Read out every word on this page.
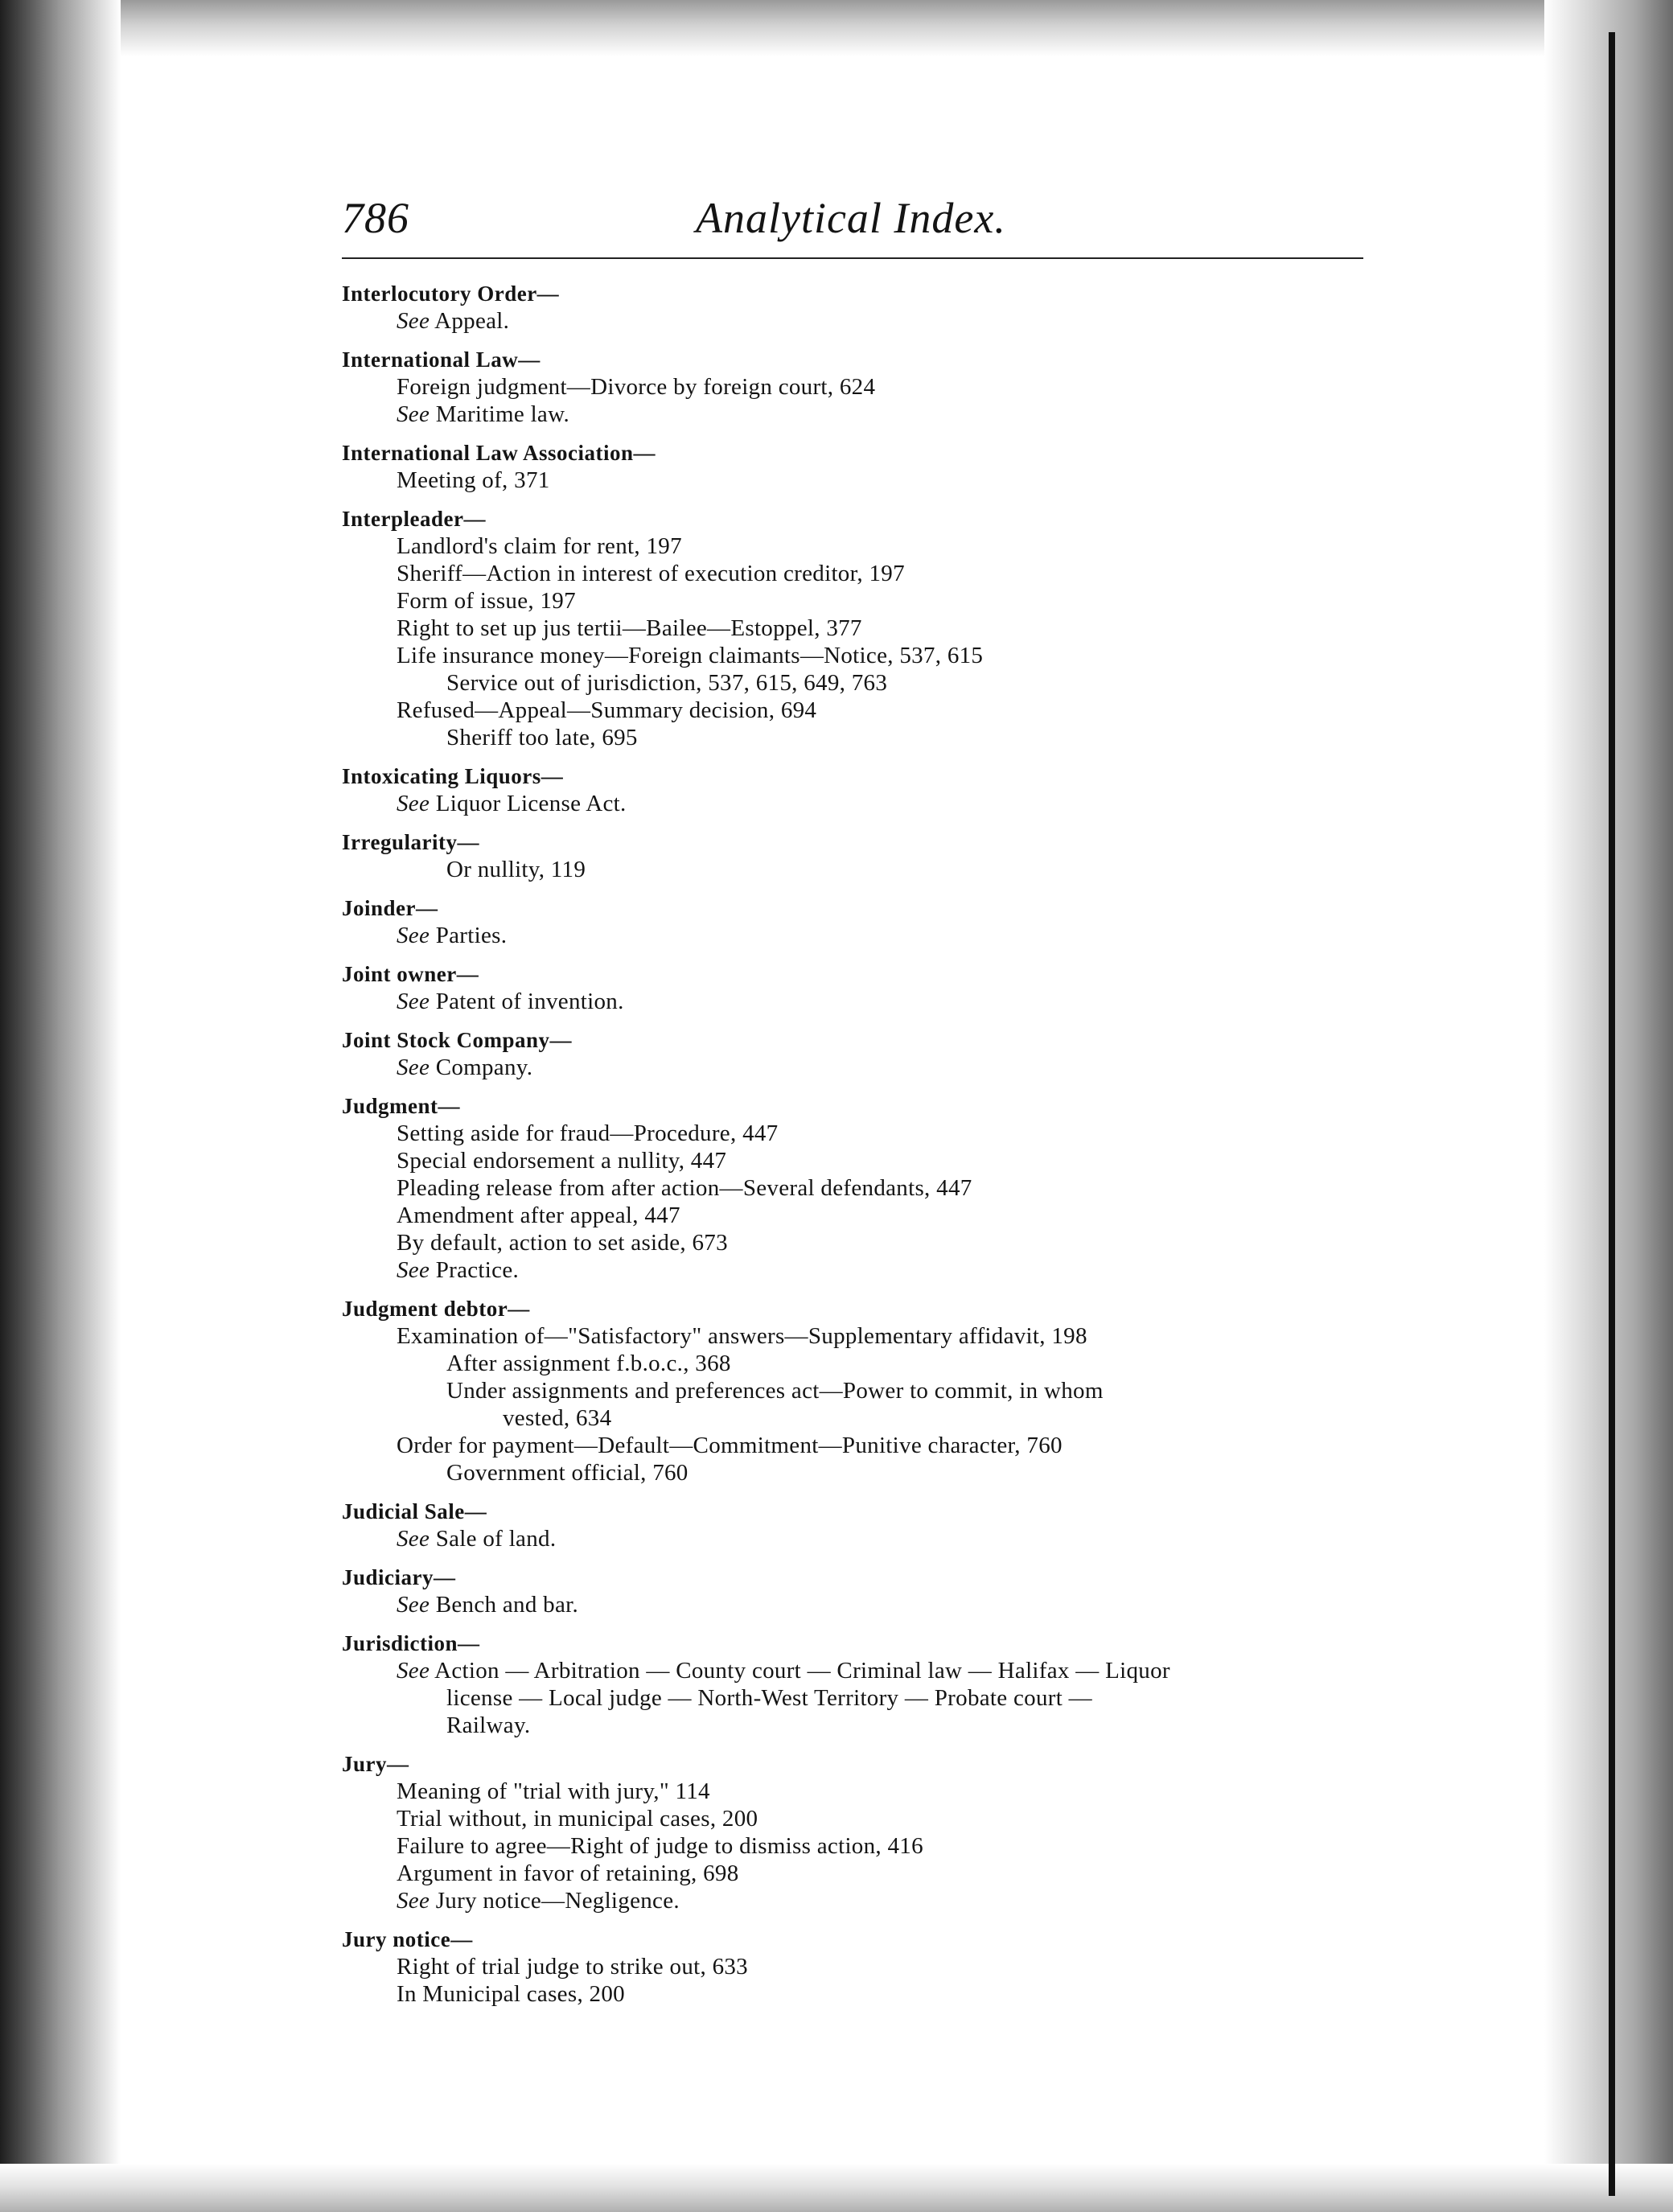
786	Analytical Index.
Interlocutory Order—
See Appeal.
International Law—
Foreign judgment—Divorce by foreign court, 624
See Maritime law.
International Law Association—
Meeting of, 371
Interpleader—
Landlord's claim for rent, 197
Sheriff—Action in interest of execution creditor, 197
Form of issue, 197
Right to set up jus tertii—Bailee—Estoppel, 377
Life insurance money—Foreign claimants—Notice, 537, 615
Service out of jurisdiction, 537, 615, 649, 763
Refused—Appeal—Summary decision, 694
Sheriff too late, 695
Intoxicating Liquors—
See Liquor License Act.
Irregularity—
Or nullity, 119
Joinder—
See Parties.
Joint owner—
See Patent of invention.
Joint Stock Company—
See Company.
Judgment—
Setting aside for fraud—Procedure, 447
Special endorsement a nullity, 447
Pleading release from after action—Several defendants, 447
Amendment after appeal, 447
By default, action to set aside, 673
See Practice.
Judgment debtor—
Examination of—"Satisfactory" answers—Supplementary affidavit, 198
After assignment f.b.o.c., 368
Under assignments and preferences act—Power to commit, in whom
vested, 634
Order for payment—Default—Commitment—Punitive character, 760
Government official, 760
Judicial Sale—
See Sale of land.
Judiciary—
See Bench and bar.
Jurisdiction—
See Action — Arbitration — County court — Criminal law — Halifax — Liquor
license — Local judge — North-West Territory — Probate court —
Railway.
Jury—
Meaning of "trial with jury," 114
Trial without, in municipal cases, 200
Failure to agree—Right of judge to dismiss action, 416
Argument in favor of retaining, 698
See Jury notice—Negligence.
Jury notice—
Right of trial judge to strike out, 633
In Municipal cases, 200
